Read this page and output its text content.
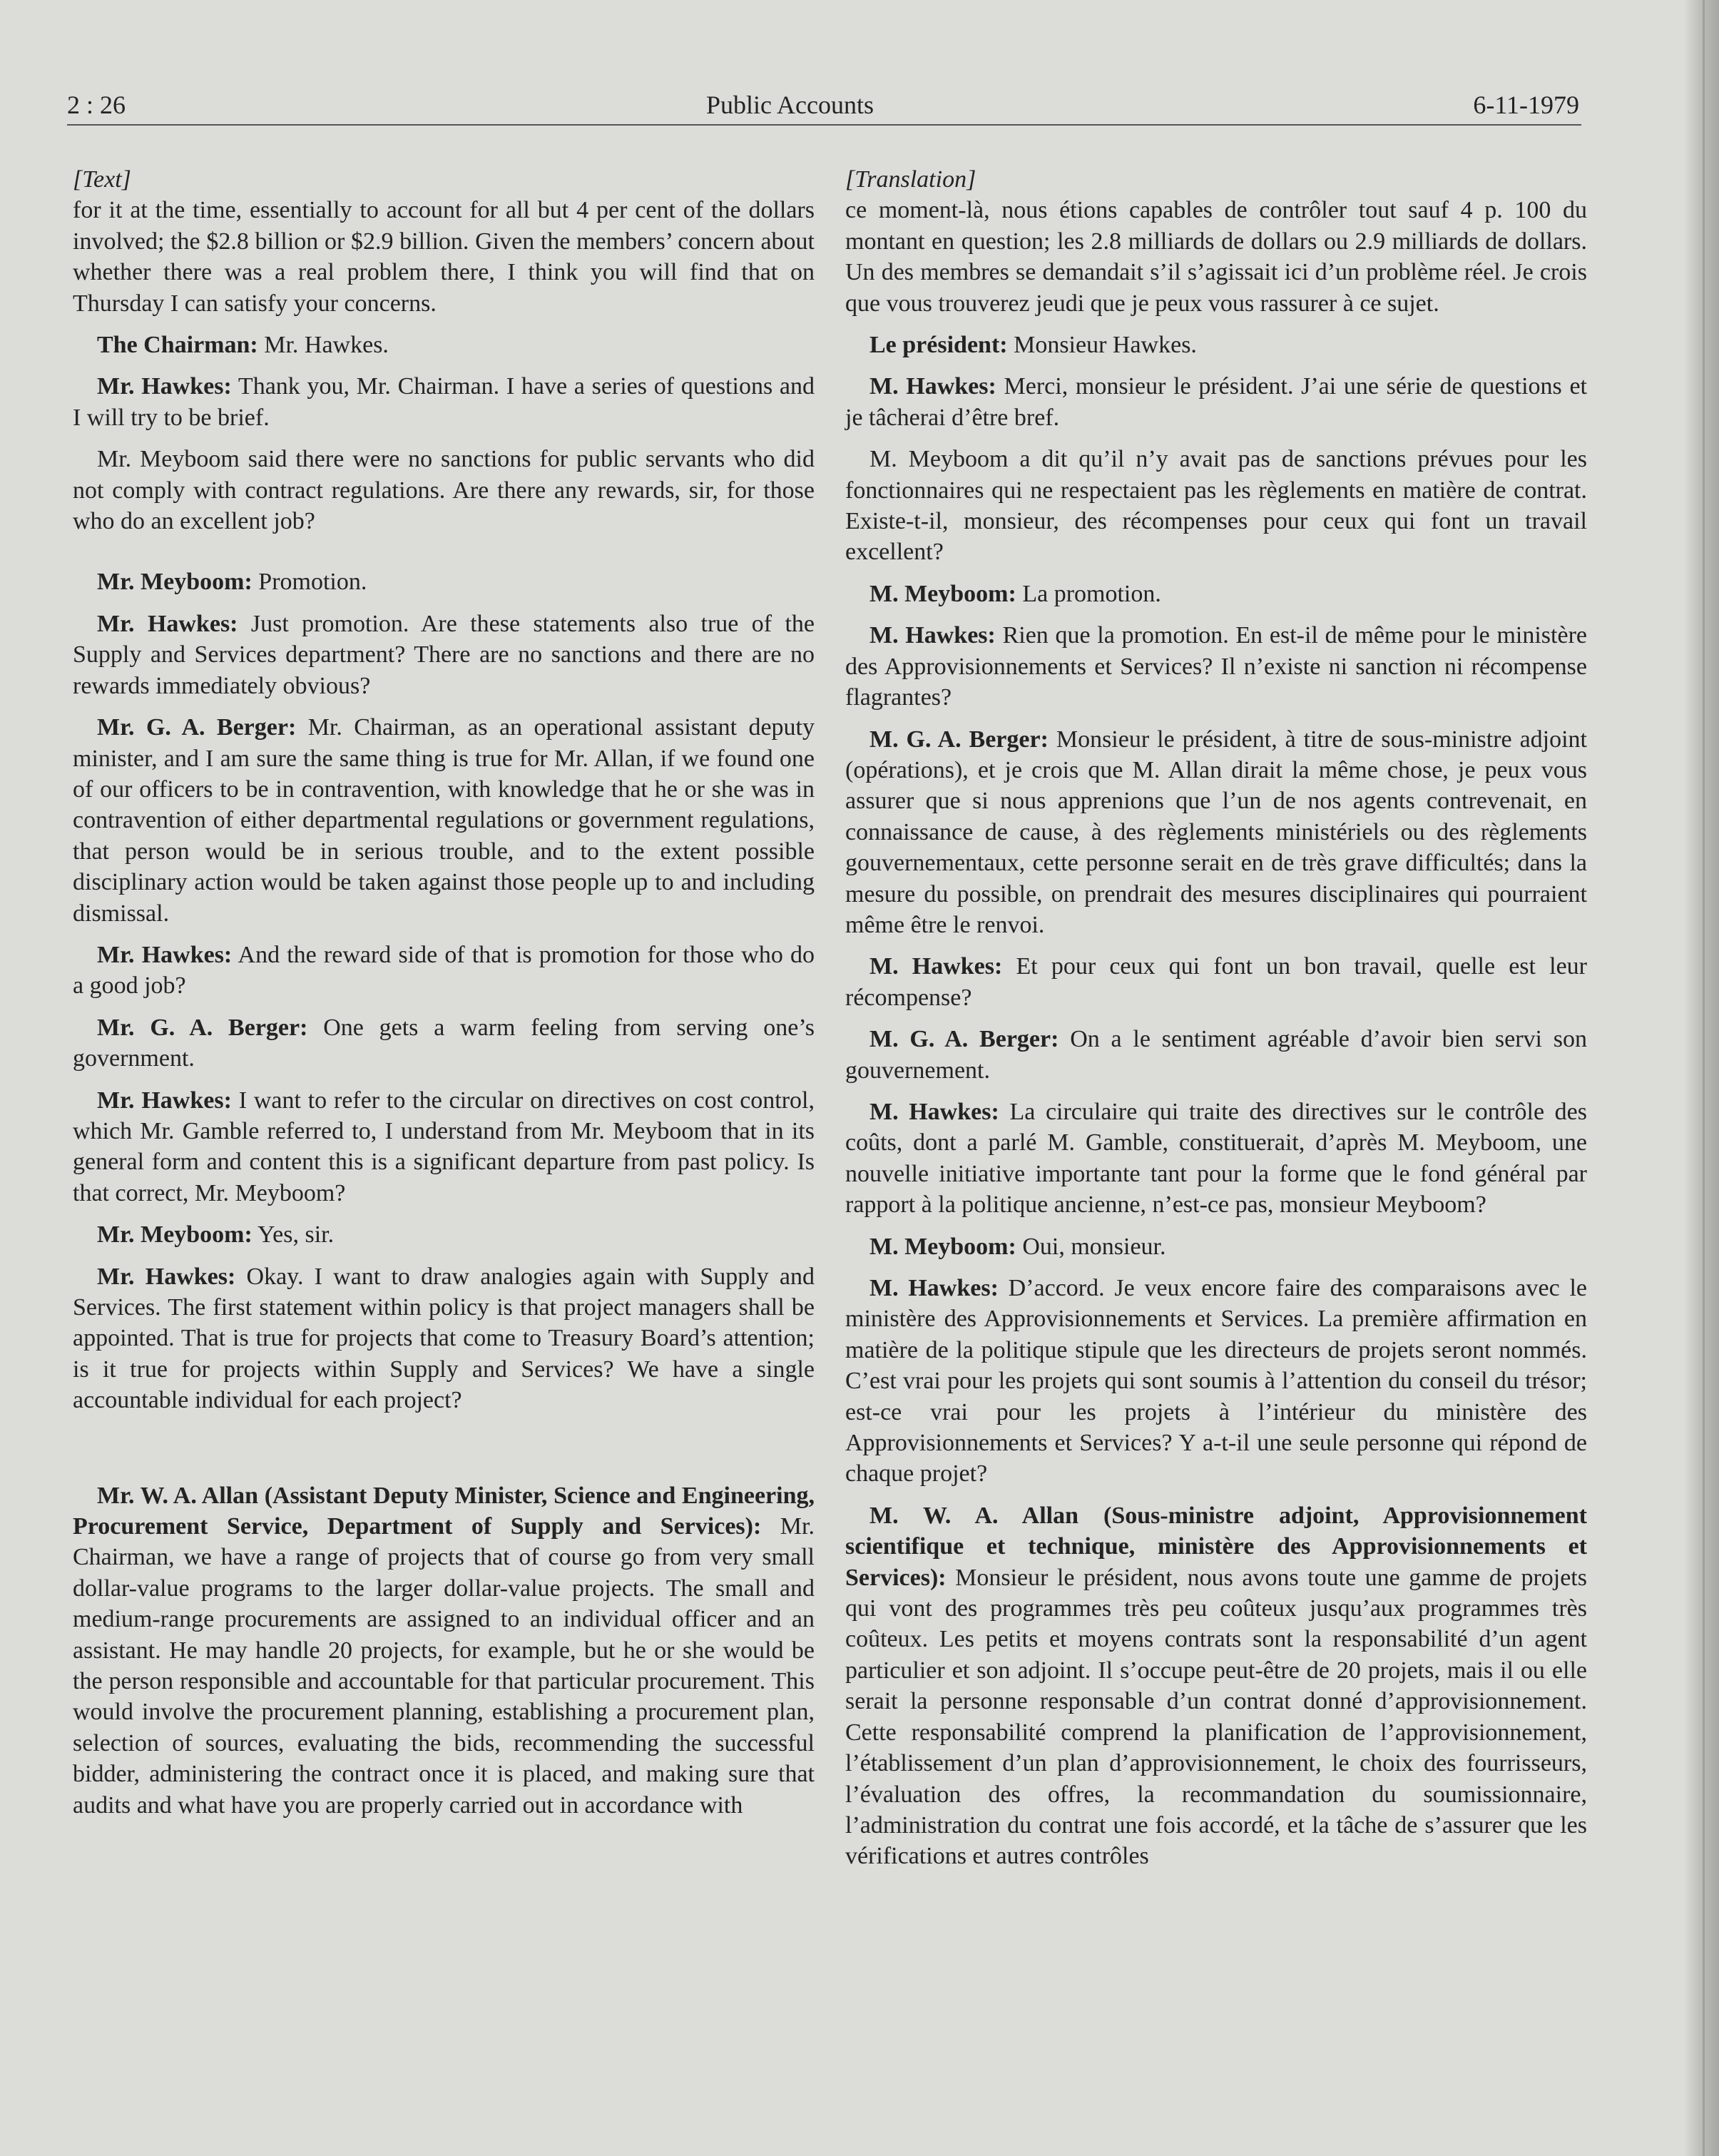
2 : 26	Public Accounts	6-11-1979

[Text]

for it at the time, essentially to account for all but 4 per cent of the dollars involved; the $2.8 billion or $2.9 billion. Given the members’ concern about whether there was a real problem there, I think you will find that on Thursday I can satisfy your concerns.

The Chairman: Mr. Hawkes.

Mr. Hawkes: Thank you, Mr. Chairman. I have a series of questions and I will try to be brief.

Mr. Meyboom said there were no sanctions for public servants who did not comply with contract regulations. Are there any rewards, sir, for those who do an excellent job?

Mr. Meyboom: Promotion.

Mr. Hawkes: Just promotion. Are these statements also true of the Supply and Services department? There are no sanctions and there are no rewards immediately obvious?

Mr. G. A. Berger: Mr. Chairman, as an operational assistant deputy minister, and I am sure the same thing is true for Mr. Allan, if we found one of our officers to be in contravention, with knowledge that he or she was in contravention of either departmental regulations or government regulations, that person would be in serious trouble, and to the extent possible disciplinary action would be taken against those people up to and including dismissal.

Mr. Hawkes: And the reward side of that is promotion for those who do a good job?

Mr. G. A. Berger: One gets a warm feeling from serving one’s government.

Mr. Hawkes: I want to refer to the circular on directives on cost control, which Mr. Gamble referred to, I understand from Mr. Meyboom that in its general form and content this is a significant departure from past policy. Is that correct, Mr. Meyboom?

Mr. Meyboom: Yes, sir.

Mr. Hawkes: Okay. I want to draw analogies again with Supply and Services. The first statement within policy is that project managers shall be appointed. That is true for projects that come to Treasury Board’s attention; is it true for projects within Supply and Services? We have a single accountable individual for each project?

Mr. W. A. Allan (Assistant Deputy Minister, Science and Engineering, Procurement Service, Department of Supply and Services): Mr. Chairman, we have a range of projects that of course go from very small dollar-value programs to the larger dollar-value projects. The small and medium-range procurements are assigned to an individual officer and an assistant. He may handle 20 projects, for example, but he or she would be the person responsible and accountable for that particular procurement. This would involve the procurement planning, establishing a procurement plan, selection of sources, evaluating the bids, recommending the successful bidder, administering the contract once it is placed, and making sure that audits and what have you are properly carried out in accordance with

[Translation]

ce moment-là, nous étions capables de contrôler tout sauf 4 p. 100 du montant en question; les 2.8 milliards de dollars ou 2.9 milliards de dollars. Un des membres se demandait s’il s’agissait ici d’un problème réel. Je crois que vous trouverez jeudi que je peux vous rassurer à ce sujet.

Le président: Monsieur Hawkes.

M. Hawkes: Merci, monsieur le président. J’ai une série de questions et je tâcherai d’être bref.

M. Meyboom a dit qu’il n’y avait pas de sanctions prévues pour les fonctionnaires qui ne respectaient pas les règlements en matière de contrat. Existe-t-il, monsieur, des récompenses pour ceux qui font un travail excellent?

M. Meyboom: La promotion.

M. Hawkes: Rien que la promotion. En est-il de même pour le ministère des Approvisionnements et Services? Il n’existe ni sanction ni récompense flagrantes?

M. G. A. Berger: Monsieur le président, à titre de sous-ministre adjoint (opérations), et je crois que M. Allan dirait la même chose, je peux vous assurer que si nous apprenions que l’un de nos agents contrevenait, en connaissance de cause, à des règlements ministériels ou des règlements gouvernementaux, cette personne serait en de très grave difficultés; dans la mesure du possible, on prendrait des mesures disciplinaires qui pourraient même être le renvoi.

M. Hawkes: Et pour ceux qui font un bon travail, quelle est leur récompense?

M. G. A. Berger: On a le sentiment agréable d’avoir bien servi son gouvernement.

M. Hawkes: La circulaire qui traite des directives sur le contrôle des coûts, dont a parlé M. Gamble, constituerait, d’après M. Meyboom, une nouvelle initiative importante tant pour la forme que le fond général par rapport à la politique ancienne, n’est-ce pas, monsieur Meyboom?

M. Meyboom: Oui, monsieur.

M. Hawkes: D’accord. Je veux encore faire des comparaisons avec le ministère des Approvisionnements et Services. La première affirmation en matière de la politique stipule que les directeurs de projets seront nommés. C’est vrai pour les projets qui sont soumis à l’attention du conseil du trésor; est-ce vrai pour les projets à l’intérieur du ministère des Approvisionnements et Services? Y a-t-il une seule personne qui répond de chaque projet?

M. W. A. Allan (Sous-ministre adjoint, Approvisionnement scientifique et technique, ministère des Approvisionnements et Services): Monsieur le président, nous avons toute une gamme de projets qui vont des programmes très peu coûteux jusqu’aux programmes très coûteux. Les petits et moyens contrats sont la responsabilité d’un agent particulier et son adjoint. Il s’occupe peut-être de 20 projets, mais il ou elle serait la personne responsable d’un contrat donné d’approvisionnement. Cette responsabilité comprend la planification de l’approvisionnement, l’établissement d’un plan d’approvisionnement, le choix des fourrisseurs, l’évaluation des offres, la recommandation du soumissionnaire, l’administration du contrat une fois accordé, et la tâche de s’assurer que les vérifications et autres contrôles
